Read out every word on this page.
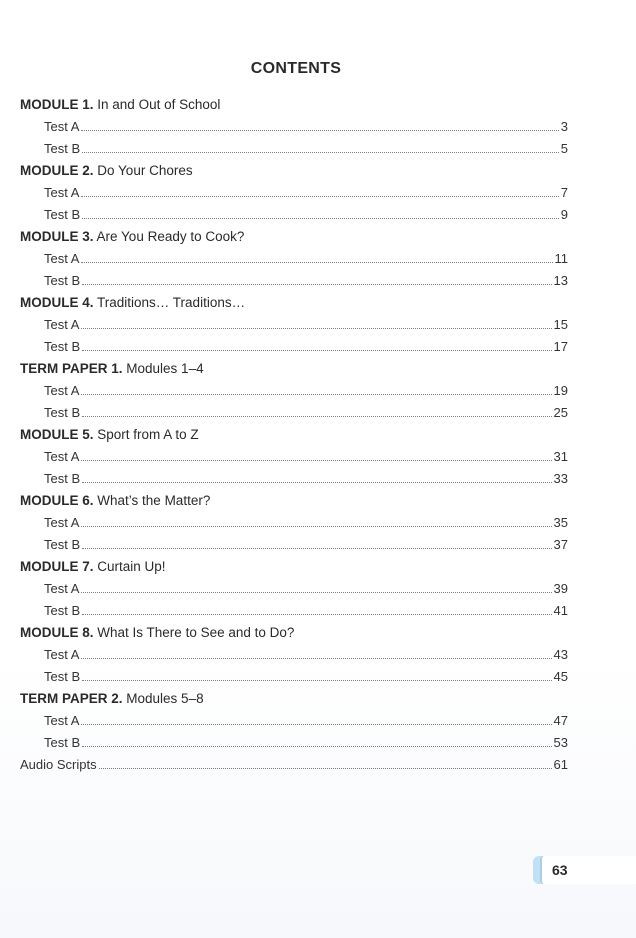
CONTENTS
MODULE 1. In and Out of School
Test A	3
Test B	5
MODULE 2. Do Your Chores
Test A	7
Test B	9
MODULE 3. Are You Ready to Cook?
Test A	11
Test B	13
MODULE 4. Traditions… Traditions…
Test A	15
Test B	17
TERM PAPER 1. Modules 1–4
Test A	19
Test B	25
MODULE 5. Sport from A to Z
Test A	31
Test B	33
MODULE 6. What’s the Matter?
Test A	35
Test B	37
MODULE 7. Curtain Up!
Test A	39
Test B	41
MODULE 8. What Is There to See and to Do?
Test A	43
Test B	45
TERM PAPER 2. Modules 5–8
Test A	47
Test B	53
Audio Scripts	61
63
